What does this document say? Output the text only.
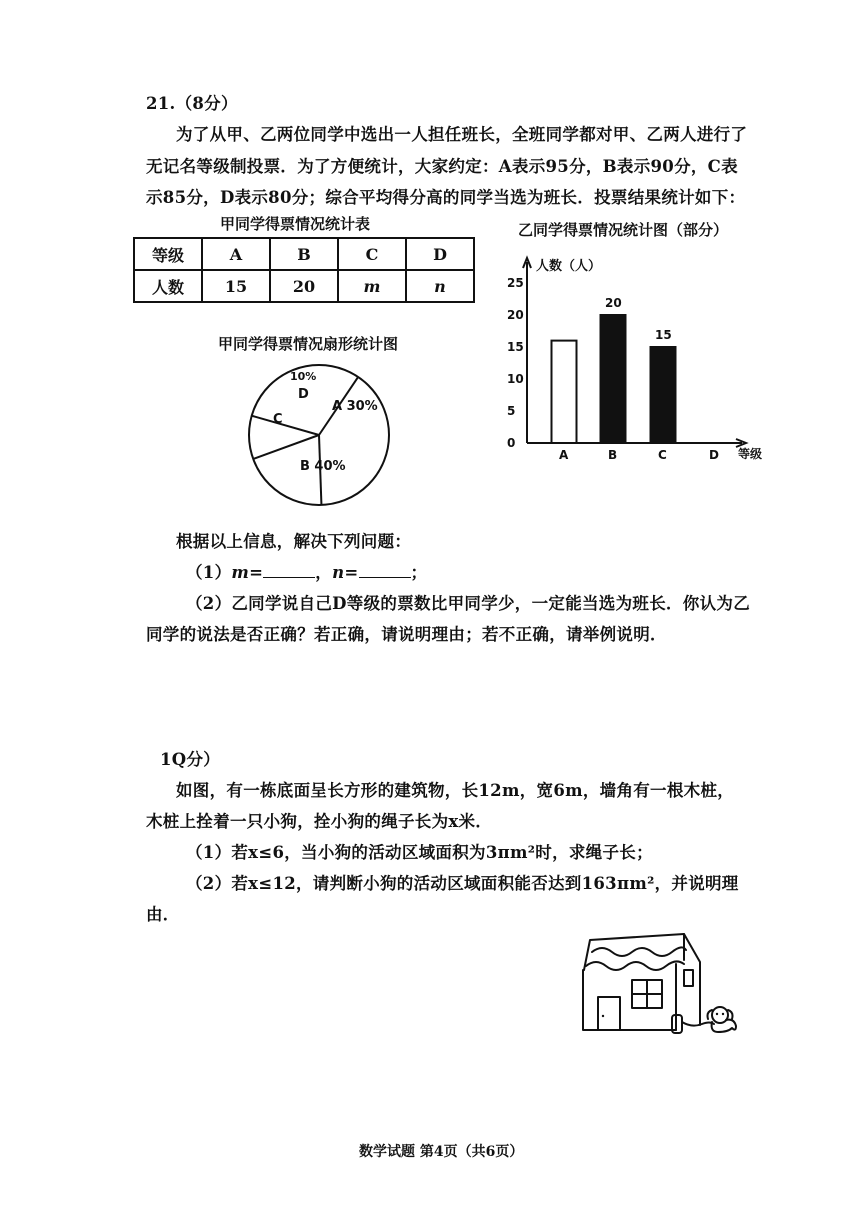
21.（8分）
为了从甲、乙两位同学中选出一人担任班长，全班同学都对甲、乙两人进行了
无记名等级制投票．为了方便统计，大家约定：A表示95分，B表示90分，C表
示85分，D表示80分；综合平均得分高的同学当选为班长．投票结果统计如下：
甲同学得票情况统计表
等级	A	B	C	D
人数	15	20	m	n
乙同学得票情况统计图（部分）
甲同学得票情况扇形统计图
A 30%
B 40%
C
D
10%
人数（人）
等级
0
5
10
15
20
25
A	B
20
C
15
D
根据以上信息，解决下列问题：
（1）m=	，n=	；
（2）乙同学说自己D等级的票数比甲同学少，一定能当选为班长．你认为乙
同学的说法是否正确？若正确，请说明理由；若不正确，请举例说明．
1Q分）
如图，有一栋底面呈长方形的建筑物，长12m，宽6m，墙角有一根木桩，
木桩上拴着一只小狗，拴小狗的绳子长为x米．
（1）若x≤6，当小狗的活动区域面积为3πm²时，求绳子长；
（2）若x≤12，请判断小狗的活动区域面积能否达到163πm²，并说明理
由．
数学试题 第4页（共6页）
